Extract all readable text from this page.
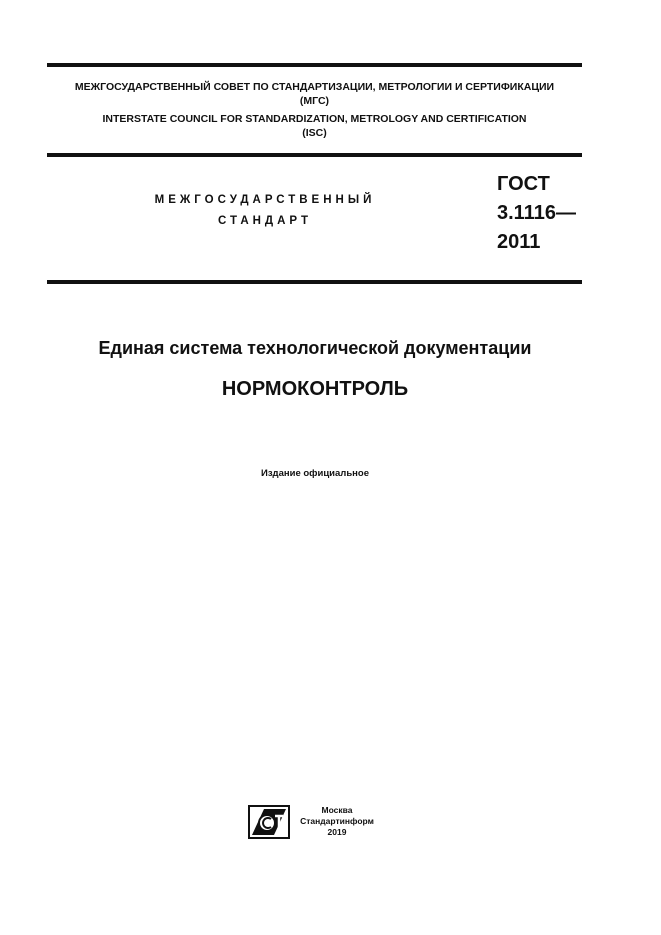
МЕЖГОСУДАРСТВЕННЫЙ СОВЕТ ПО СТАНДАРТИЗАЦИИ, МЕТРОЛОГИИ И СЕРТИФИКАЦИИ
(МГС)
INTERSTATE COUNCIL FOR STANDARDIZATION, METROLOGY AND CERTIFICATION
(ISC)
МЕЖГОСУДАРСТВЕННЫЙ
СТАНДАРТ
ГОСТ
3.1116—
2011
Единая система технологической документации
НОРМОКОНТРОЛЬ
Издание официальное
Москва
Стандартинформ
2019
